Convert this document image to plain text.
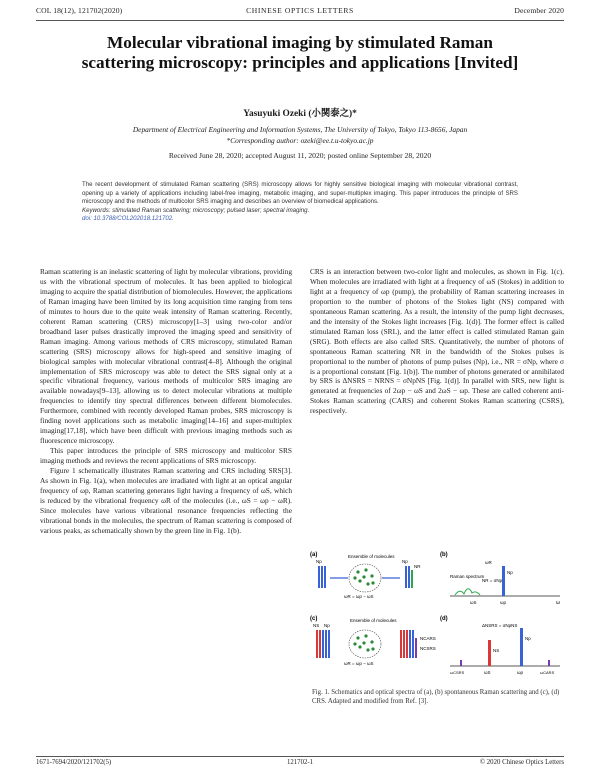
COL 18(12), 121702(2020)	CHINESE OPTICS LETTERS	December 2020
Molecular vibrational imaging by stimulated Raman scattering microscopy: principles and applications [Invited]
Yasuyuki Ozeki (小関泰之)*
Department of Electrical Engineering and Information Systems, The University of Tokyo, Tokyo 113-8656, Japan
*Corresponding author: ozeki@ee.t.u-tokyo.ac.jp
Received June 28, 2020; accepted August 11, 2020; posted online September 28, 2020
The recent development of stimulated Raman scattering (SRS) microscopy allows for highly sensitive biological imaging with molecular vibrational contrast, opening up a variety of applications including label-free imaging, metabolic imaging, and super-multiplex imaging. This paper introduces the principle of SRS microscopy and the methods of multicolor SRS imaging and describes an overview of biomedical applications.
Keywords: stimulated Raman scattering; microscopy; pulsed laser; spectral imaging.
doi: 10.3788/COL202018.121702.

Raman scattering is an inelastic scattering of light by molecular vibrations, providing us with the vibrational spectrum of molecules. It has been applied to biological imaging to acquire the spatial distribution of biomolecules. However, the applications of Raman imaging have been limited by its long acquisition time ranging from tens of minutes to hours due to the quite weak intensity of Raman scattering. Recently, coherent Raman scattering (CRS) microscopy[1–3] using two-color and/or broadband laser pulses drastically improved the imaging speed and sensitivity of Raman imaging. Among various methods of CRS microscopy, stimulated Raman scattering (SRS) microscopy allows for high-speed and sensitive imaging of biological samples with molecular vibrational contrast[4–8]. Although the original implementation of SRS microscopy was able to detect the SRS signal only at a specific vibrational frequency, various methods of multicolor SRS imaging are available nowadays[9–13], allowing us to detect molecular vibrations at multiple frequencies to identify tiny spectral differences between different biomolecules. Furthermore, combined with recently developed Raman probes, SRS microscopy is finding novel applications such as metabolic imaging[14–16] and super-multiplex imaging[17,18], which have been difficult with previous imaging methods such as fluorescence microscopy.

This paper introduces the principle of SRS microscopy and multicolor SRS imaging methods and reviews the recent applications of SRS microscopy.

Figure 1 schematically illustrates Raman scattering and CRS including SRS[3]. As shown in Fig. 1(a), when molecules are irradiated with light at an optical angular frequency of ωp, Raman scattering generates light having a frequency of ωS, which is reduced by the vibrational frequency ωR of the molecules (i.e., ωS = ωp − ωR). Since molecules have various vibrational resonance frequencies reflecting the vibrational bonds in the molecules, the spectrum of Raman scattering is composed of various peaks, as schematically shown by the green line in Fig. 1(b).

CRS is an interaction between two-color light and molecules, as shown in Fig. 1(c). When molecules are irradiated with light at a frequency of ωS (Stokes) in addition to light at a frequency of ωp (pump), the probability of Raman scattering increases in proportion to the number of photons of the Stokes light (NS) compared with spontaneous Raman scattering. As a result, the intensity of the pump light decreases, and the intensity of the Stokes light increases [Fig. 1(d)]. The former effect is called stimulated Raman loss (SRL), and the latter effect is called stimulated Raman gain (SRG). Both effects are also called SRS. Quantitatively, the number of photons of spontaneous Raman scattering NR in the bandwidth of the Stokes pulses is proportional to the number of photons of pump pulses (Np), i.e., NR = σNp, where σ is a proportional constant [Fig. 1(b)]. The number of photons generated or annihilated by SRS is ΔNSRS = NRNS = σNpNS [Fig. 1(d)]. In parallel with SRS, new light is generated at frequencies of 2ωp − ωS and 2ωS − ωp. These are called coherent anti-Stokes Raman scattering (CARS) and coherent Stokes Raman scattering (CSRS), respectively.

(a)
Np	Np
NR
Ensemble of molecules
ωR = ωp − ωS
(b)
ω
Raman spectrum
Np
NR = σNp
ωS	ωp
ωR
(c)
NS Np
NCARS
NCSRS
Ensemble of molecules
ωR = ωp − ωS
(d)
ΔNSRS = σNpNS
NS
Np
ωCSRS	ωS	ωp	ωCARS
Fig. 1. Schematics and optical spectra of (a), (b) spontaneous Raman scattering and (c), (d) CRS. Adapted and modified from Ref. [3].
1671-7694/2020/121702(5)	121702-1	© 2020 Chinese Optics Letters
